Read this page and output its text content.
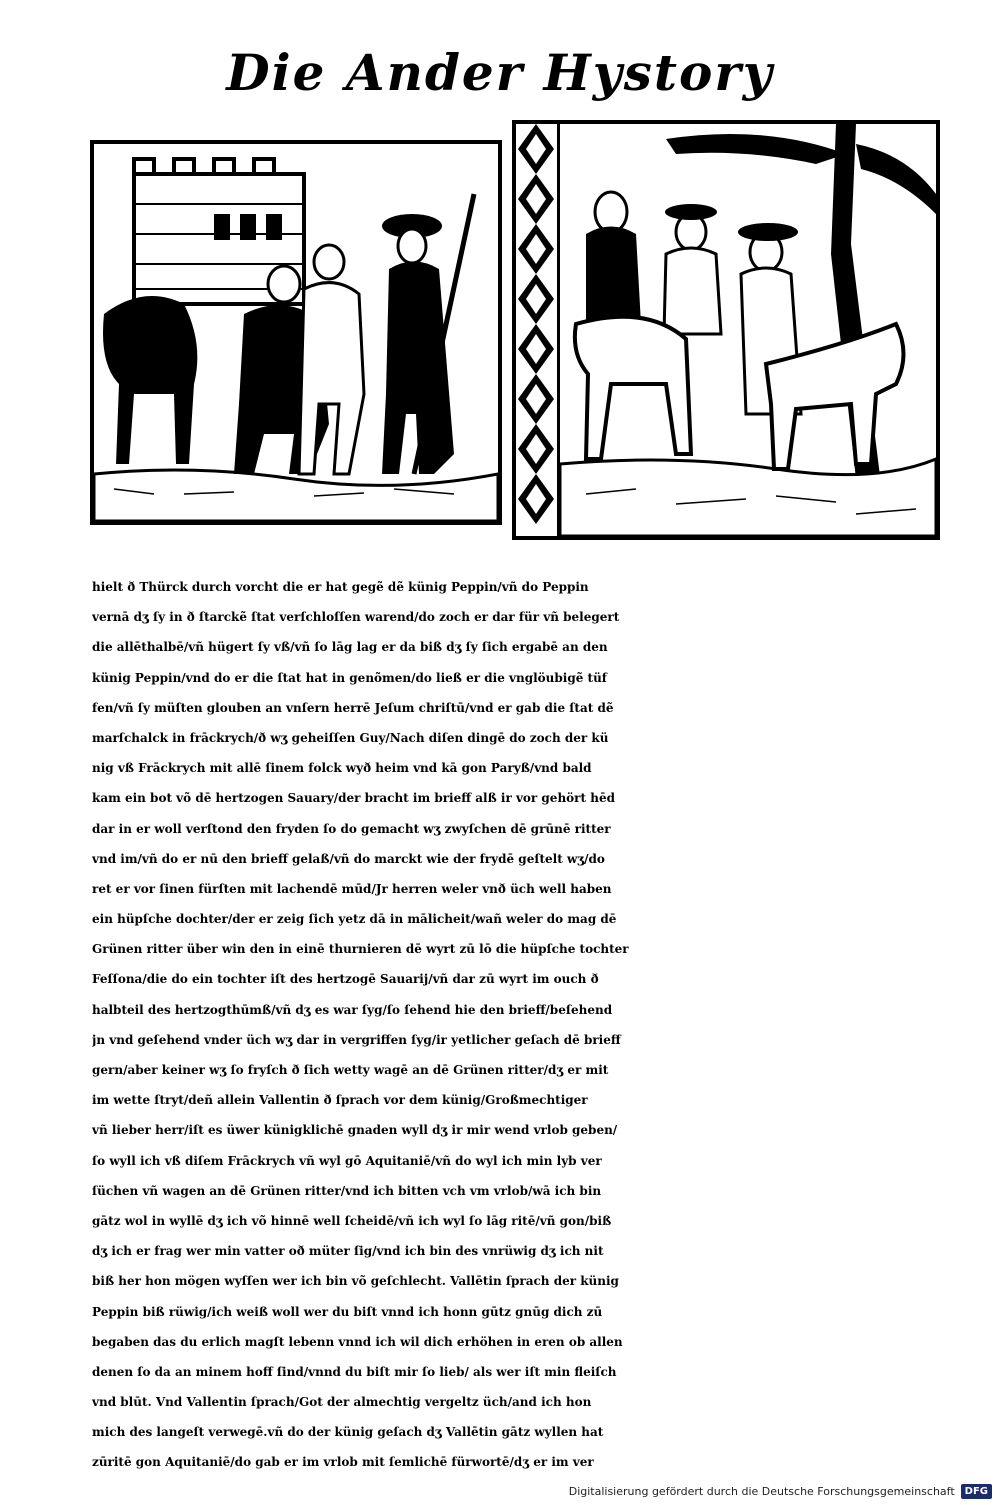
Die Ander Hystory
hielt ð Thürck durch vorcht die er hat gegẽ dẽ künig Peppin/vñ do Peppin
vernā dʒ ſy in ð ſtarckẽ ſtat verſchloſſen warend/do zoch er dar für vñ belegert
die allēthalbē/vñ hügert ſy vß/vñ ſo lāg lag er da biß dʒ ſy ſich ergabē an den
künig Peppin/vnd do er die ſtat hat in genõmen/do ließ er die vnglöubigẽ tüf
fen/vñ ſy müſten glouben an vnſern herrē Jeſum chriſtū/vnd er gab die ſtat dẽ
marſchalck in frāckrych/ð wʒ geheiſſen Guy/Nach diſen dingē do zoch der kü
nig vß Frāckrych mit allē ſinem folck wyð heim vnd kā gon Paryß/vnd bald
kam ein bot võ dē hertzogen Sauary/der bracht im brieff alß ir vor gehört hēd
dar in er woll verſtond den fryden ſo do gemacht wʒ zwyſchen dē grūnē ritter
vnd im/vñ do er nū den brieff gelaß/vñ do marckt wie der frydē geſtelt wʒ/do
ret er vor ſinen fürſten mit lachendē mūd/Jr herren weler vnð üch well haben
ein hüpſche dochter/der er zeig ſich yetz dā in mālicheit/wañ weler do mag dē
Grünen ritter über win den in einē thurnieren dē wyrt zū lō die hüpſche tochter
Feſſona/die do ein tochter iſt des hertzogē Sauarij/vñ dar zū wyrt im ouch ð
halbteil des hertzogthūmß/vñ dʒ es war ſyg/ſo ſehend hie den brieff/beſehend
jn vnd geſehend vnder üch wʒ dar in vergriffen ſyg/ir yetlicher geſach dē brieff
gern/aber keiner wʒ ſo fryſch ð ſich wetty wagē an dē Grünen ritter/dʒ er mit
im wette ſtryt/deñ allein Vallentin ð ſprach vor dem künig/Großmechtiger
vñ lieber herr/iſt es üwer künigklichē gnaden wyll dʒ ir mir wend vrlob geben/
ſo wyll ich vß diſem Frāckrych vñ wyl gō Aquitaniē/vñ do wyl ich min lyb ver
ſüchen vñ wagen an dē Grünen ritter/vnd ich bitten vch vm vrlob/wā ich bin
gātz wol in wyllē dʒ ich võ hinnē well ſcheidē/vñ ich wyl ſo lāg ritē/vñ gon/biß
dʒ ich er frag wer min vatter oð müter ſig/vnd ich bin des vnrüwig dʒ ich nit
biß her hon mögen wyſſen wer ich bin võ geſchlecht. Vallētin ſprach der künig
Peppin biß rüwig/ich weiß woll wer du biſt vnnd ich honn gūtz gnūg dich zū
begaben das du erlich magſt lebenn vnnd ich wil dich erhöhen in eren ob allen
denen ſo da an minem hoff ſind/vnnd du biſt mir ſo lieb/ als wer iſt min fleiſch
vnd blūt. Vnd Vallentin ſprach/Got der almechtig vergeltz üch/and ich hon
mich des langeſt verwegē.vñ do der künig geſach dʒ Vallētin gātz wyllen hat
zūritē gon Aquitaniē/do gab er im vrlob mit ſemlichē fürwortē/dʒ er im ver
Digitalisierung gefördert durch die Deutsche Forschungsgemeinschaft	DFG
